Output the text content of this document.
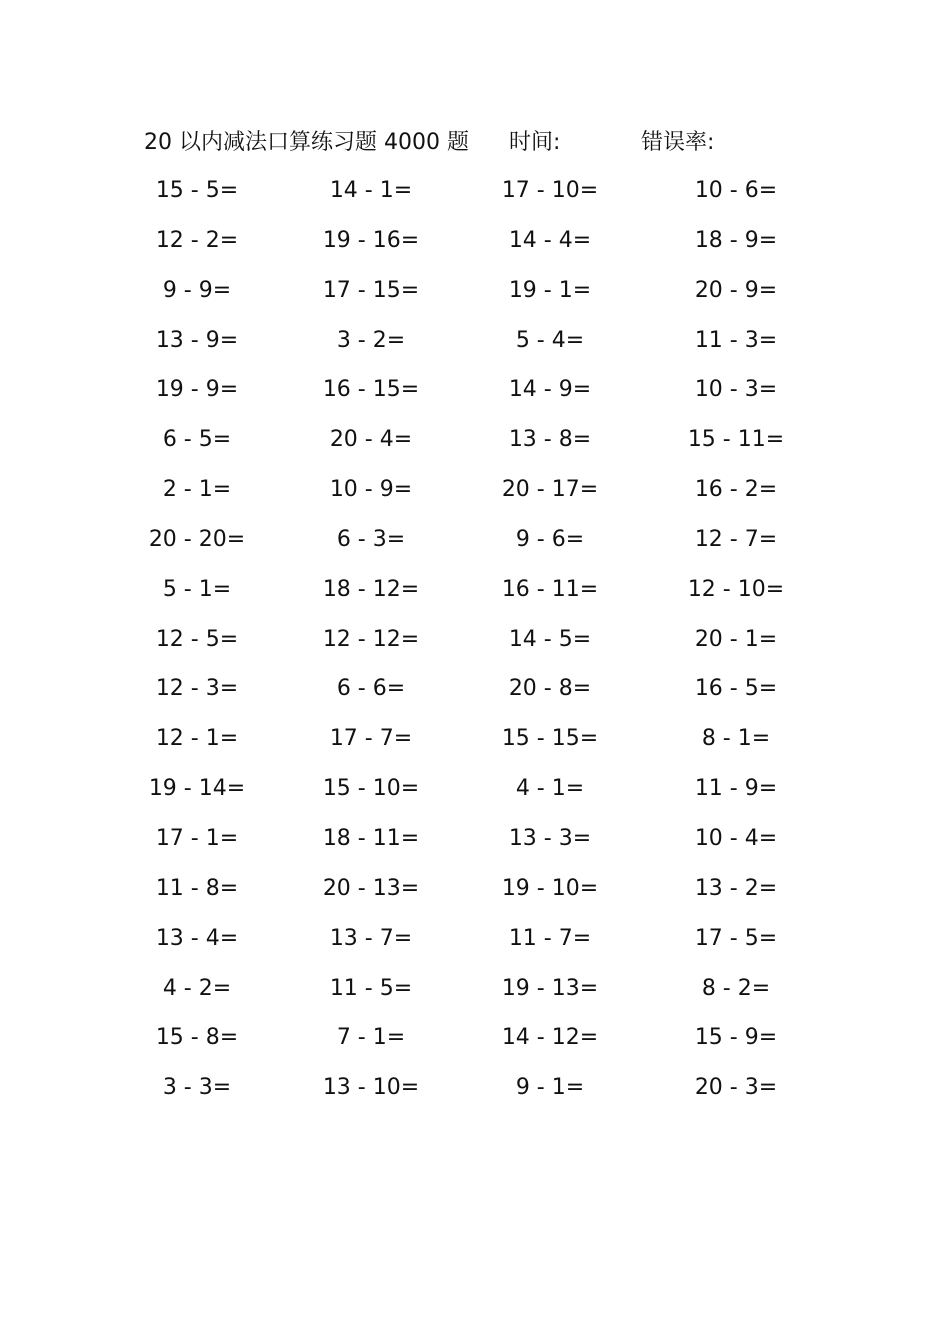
20 以内减法口算练习题 4000 题 时间:	错误率:
15 - 5=	14 - 1=	17 - 10=	10 - 6=
12 - 2=	19 - 16=	14 - 4=	18 - 9=
9 - 9=	17 - 15=	19 - 1=	20 - 9=
13 - 9=	3 - 2=	5 - 4=	11 - 3=
19 - 9=	16 - 15=	14 - 9=	10 - 3=
6 - 5=	20 - 4=	13 - 8=	15 - 11=
2 - 1=	10 - 9=	20 - 17=	16 - 2=
20 - 20=	6 - 3=	9 - 6=	12 - 7=
5 - 1=	18 - 12=	16 - 11=	12 - 10=
12 - 5=	12 - 12=	14 - 5=	20 - 1=
12 - 3=	6 - 6=	20 - 8=	16 - 5=
12 - 1=	17 - 7=	15 - 15=	8 - 1=
19 - 14=	15 - 10=	4 - 1=	11 - 9=
17 - 1=	18 - 11=	13 - 3=	10 - 4=
11 - 8=	20 - 13=	19 - 10=	13 - 2=
13 - 4=	13 - 7=	11 - 7=	17 - 5=
4 - 2=	11 - 5=	19 - 13=	8 - 2=
15 - 8=	7 - 1=	14 - 12=	15 - 9=
3 - 3=	13 - 10=	9 - 1=	20 - 3=
